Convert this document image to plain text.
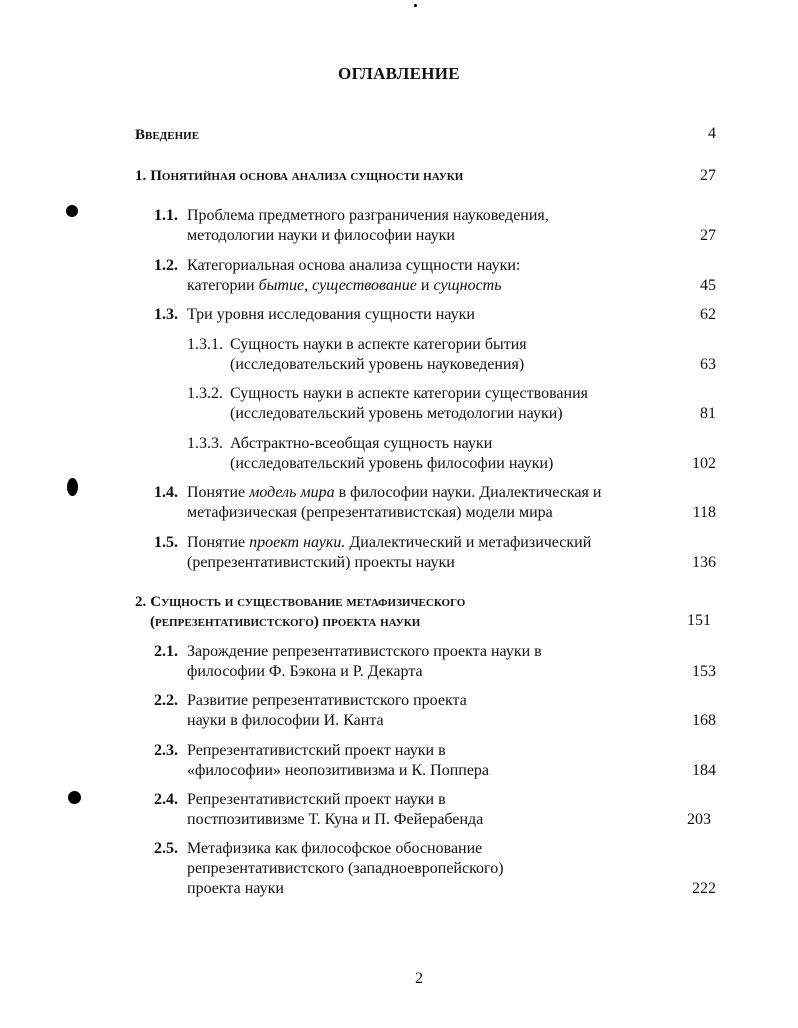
ОГЛАВЛЕНИЕ
Введение	4
1. Понятийная основа анализа сущности науки	27
1.1. Проблема предметного разграничения науковедения,
методологии науки и философии науки	27
1.2. Категориальная основа анализа сущности науки:
категории бытие, существование и сущность	45
1.3. Три уровня исследования сущности науки	62
1.3.1. Сущность науки в аспекте категории бытия
(исследовательский уровень науковедения)	63
1.3.2. Сущность науки в аспекте категории существования
(исследовательский уровень методологии науки)	81
1.3.3. Абстрактно-всеобщая сущность науки
(исследовательский уровень философии науки)	102
1.4. Понятие модель мира в философии науки. Диалектическая и
метафизическая (репрезентативистская) модели мира	118
1.5. Понятие проект науки. Диалектический и метафизический
(репрезентативистский) проекты науки	136
2. Сущность и существование метафизического
(репрезентативистского) проекта науки	151
2.1. Зарождение репрезентативистского проекта науки в
философии Ф. Бэкона и Р. Декарта	153
2.2. Развитие репрезентативистского проекта
науки в философии И. Канта	168
2.3. Репрезентативистский проект науки в
«философии» неопозитивизма и К. Поппера	184
2.4. Репрезентативистский проект науки в
постпозитивизме Т. Куна и П. Фейерабенда	203
2.5. Метафизика как философское обоснование
репрезентативистского (западноевропейского)
проекта науки	222
2
